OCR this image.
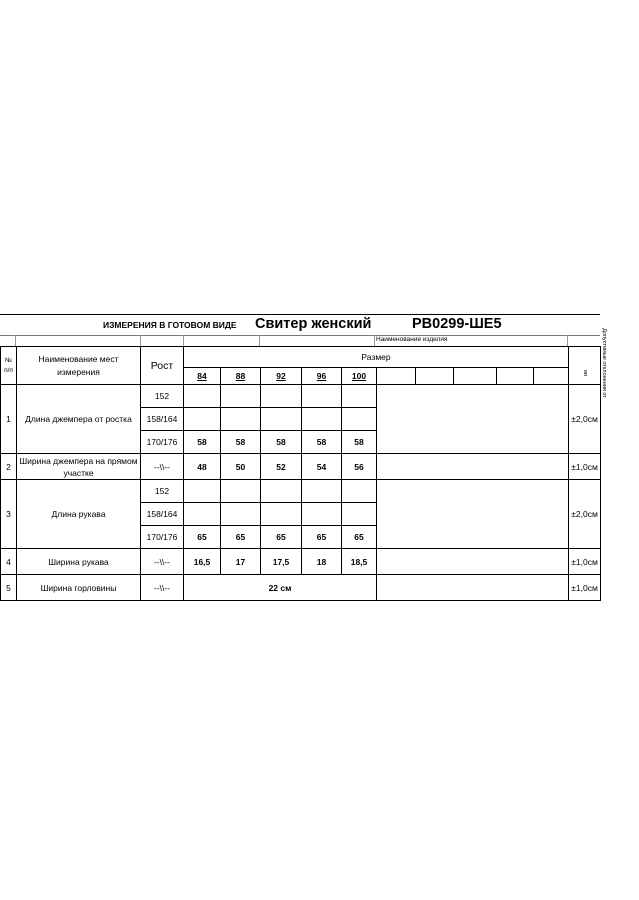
ИЗМЕРЕНИЯ В ГОТОВОМ ВИДЕ Свитер женский	РВ0299-ШЕ5
Наименование изделия
№
п/п	Наименование мест измерения	Рост	Размер										Допустимые отклонения отии
			84	88	92	96	100						
1	Длина джемпера от ростка	152											±2,0см
		158/164											
		170/176	58	58	58	58	58						
2	Ширина джемпера на прямом участке	--\\--	48	50	52	54	56						±1,0см
3	Длина рукава	152											±2,0см
		158/164											
		170/176	65	65	65	65	65						
4	Ширина рукава	--\\--	16,5	17	17,5	18	18,5						±1,0см
5	Ширина горловины	--\\--	22 см										±1,0см
